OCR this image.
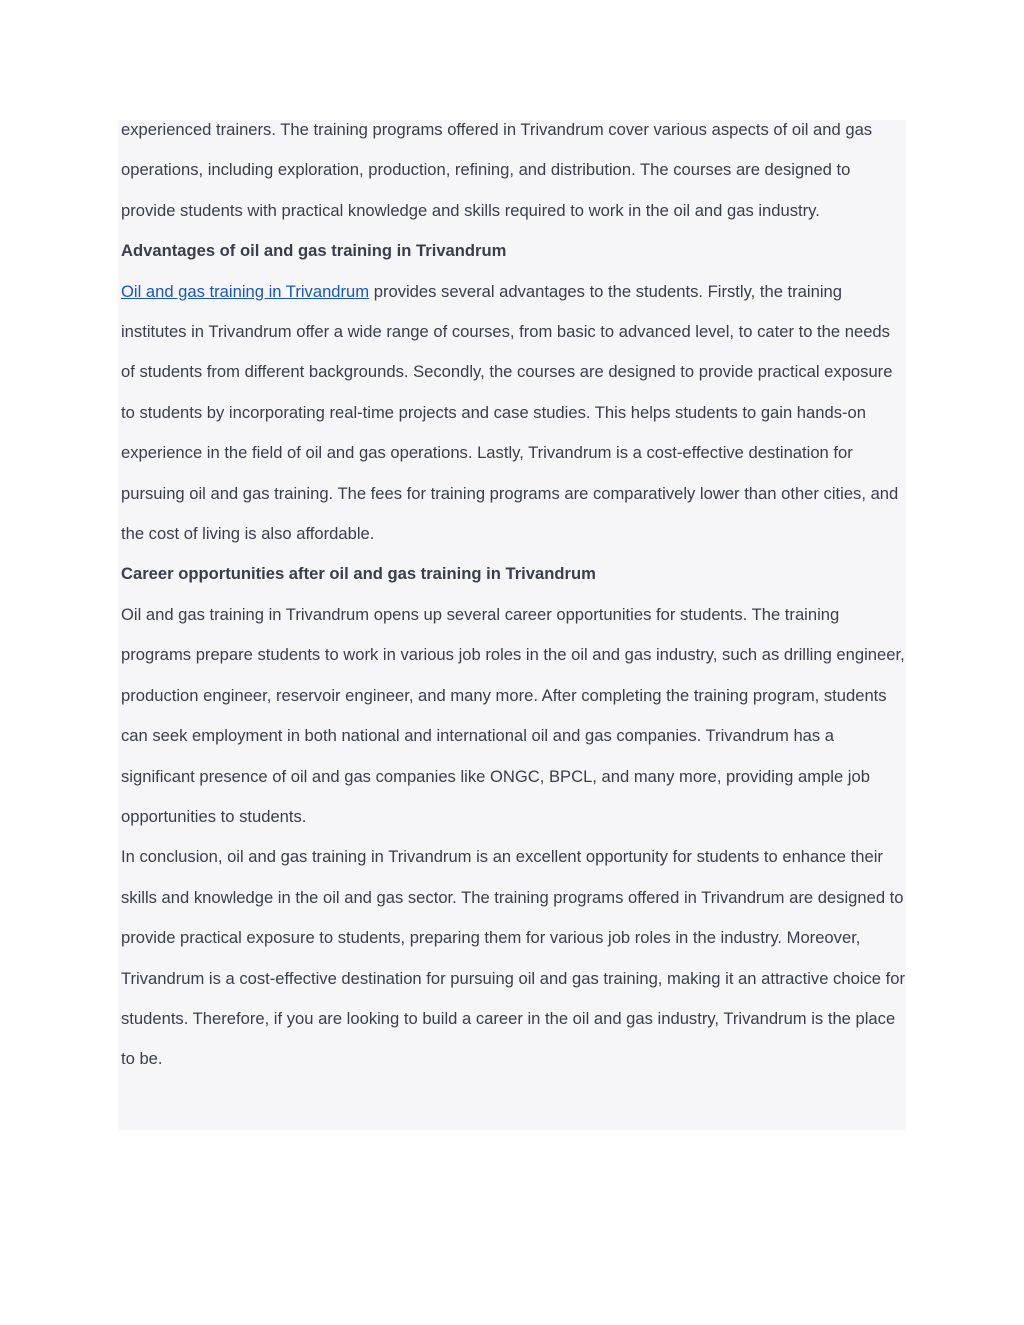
experienced trainers. The training programs offered in Trivandrum cover various aspects of oil and gas operations, including exploration, production, refining, and distribution. The courses are designed to provide students with practical knowledge and skills required to work in the oil and gas industry.

Advantages of oil and gas training in Trivandrum

Oil and gas training in Trivandrum provides several advantages to the students. Firstly, the training institutes in Trivandrum offer a wide range of courses, from basic to advanced level, to cater to the needs of students from different backgrounds. Secondly, the courses are designed to provide practical exposure to students by incorporating real-time projects and case studies. This helps students to gain hands-on experience in the field of oil and gas operations. Lastly, Trivandrum is a cost-effective destination for pursuing oil and gas training. The fees for training programs are comparatively lower than other cities, and the cost of living is also affordable.

Career opportunities after oil and gas training in Trivandrum

Oil and gas training in Trivandrum opens up several career opportunities for students. The training programs prepare students to work in various job roles in the oil and gas industry, such as drilling engineer, production engineer, reservoir engineer, and many more. After completing the training program, students can seek employment in both national and international oil and gas companies. Trivandrum has a significant presence of oil and gas companies like ONGC, BPCL, and many more, providing ample job opportunities to students.

In conclusion, oil and gas training in Trivandrum is an excellent opportunity for students to enhance their skills and knowledge in the oil and gas sector. The training programs offered in Trivandrum are designed to provide practical exposure to students, preparing them for various job roles in the industry. Moreover, Trivandrum is a cost-effective destination for pursuing oil and gas training, making it an attractive choice for students. Therefore, if you are looking to build a career in the oil and gas industry, Trivandrum is the place to be.
